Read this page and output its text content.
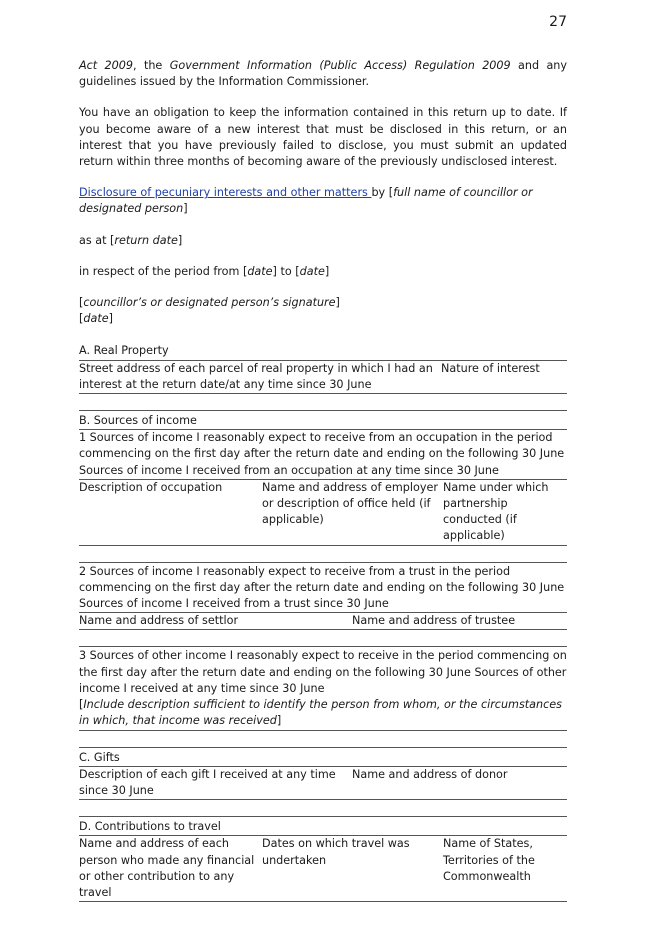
27

Act 2009, the Government Information (Public Access) Regulation 2009 and any guidelines issued by the Information Commissioner.

You have an obligation to keep the information contained in this return up to date. If you become aware of a new interest that must be disclosed in this return, or an interest that you have previously failed to disclose, you must submit an updated return within three months of becoming aware of the previously undisclosed interest.

Disclosure of pecuniary interests and other matters by [full name of councillor or designated person]

as at [return date]

in respect of the period from [date] to [date]

[councillor’s or designated person’s signature]

[date]

A. Real Property
Street address of each parcel of real property in which I had an interest at the return date/at any time since 30 June
Nature of interest
B. Sources of income
1 Sources of income I reasonably expect to receive from an occupation in the period commencing on the first day after the return date and ending on the following 30 June Sources of income I received from an occupation at any time since 30 June
Description of occupation	Name and address of employer or description of office held (if applicable)
Name under which partnership conducted (if applicable)
2 Sources of income I reasonably expect to receive from a trust in the period commencing on the first day after the return date and ending on the following 30 June Sources of income I received from a trust since 30 June
Name and address of settlor	Name and address of trustee
3 Sources of other income I reasonably expect to receive in the period commencing on the first day after the return date and ending on the following 30 June Sources of other income I received at any time since 30 June

[Include description sufficient to identify the person from whom, or the circumstances in which, that income was received]

C. Gifts
Description of each gift I received at any time since 30 June
Name and address of donor
D. Contributions to travel
Name and address of each person who made any financial or other contribution to any travel
Dates on which travel was undertaken
Name of States, Territories of the Commonwealth
